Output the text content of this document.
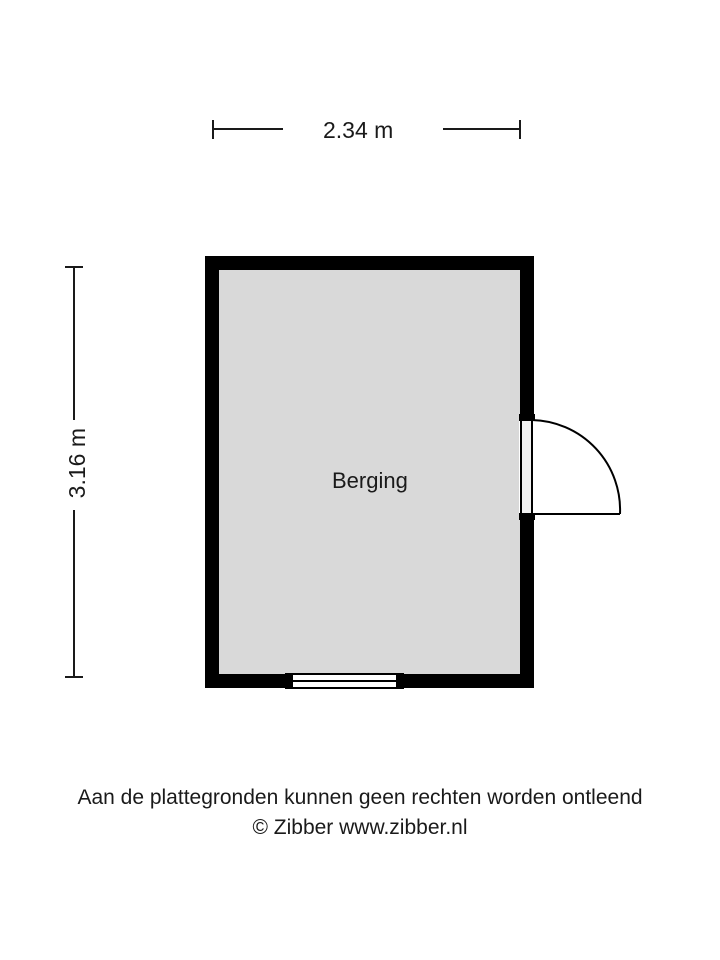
2.34 m
3.16 m	Berging
Aan de plattegronden kunnen geen rechten worden ontleend
© Zibber www.zibber.nl
